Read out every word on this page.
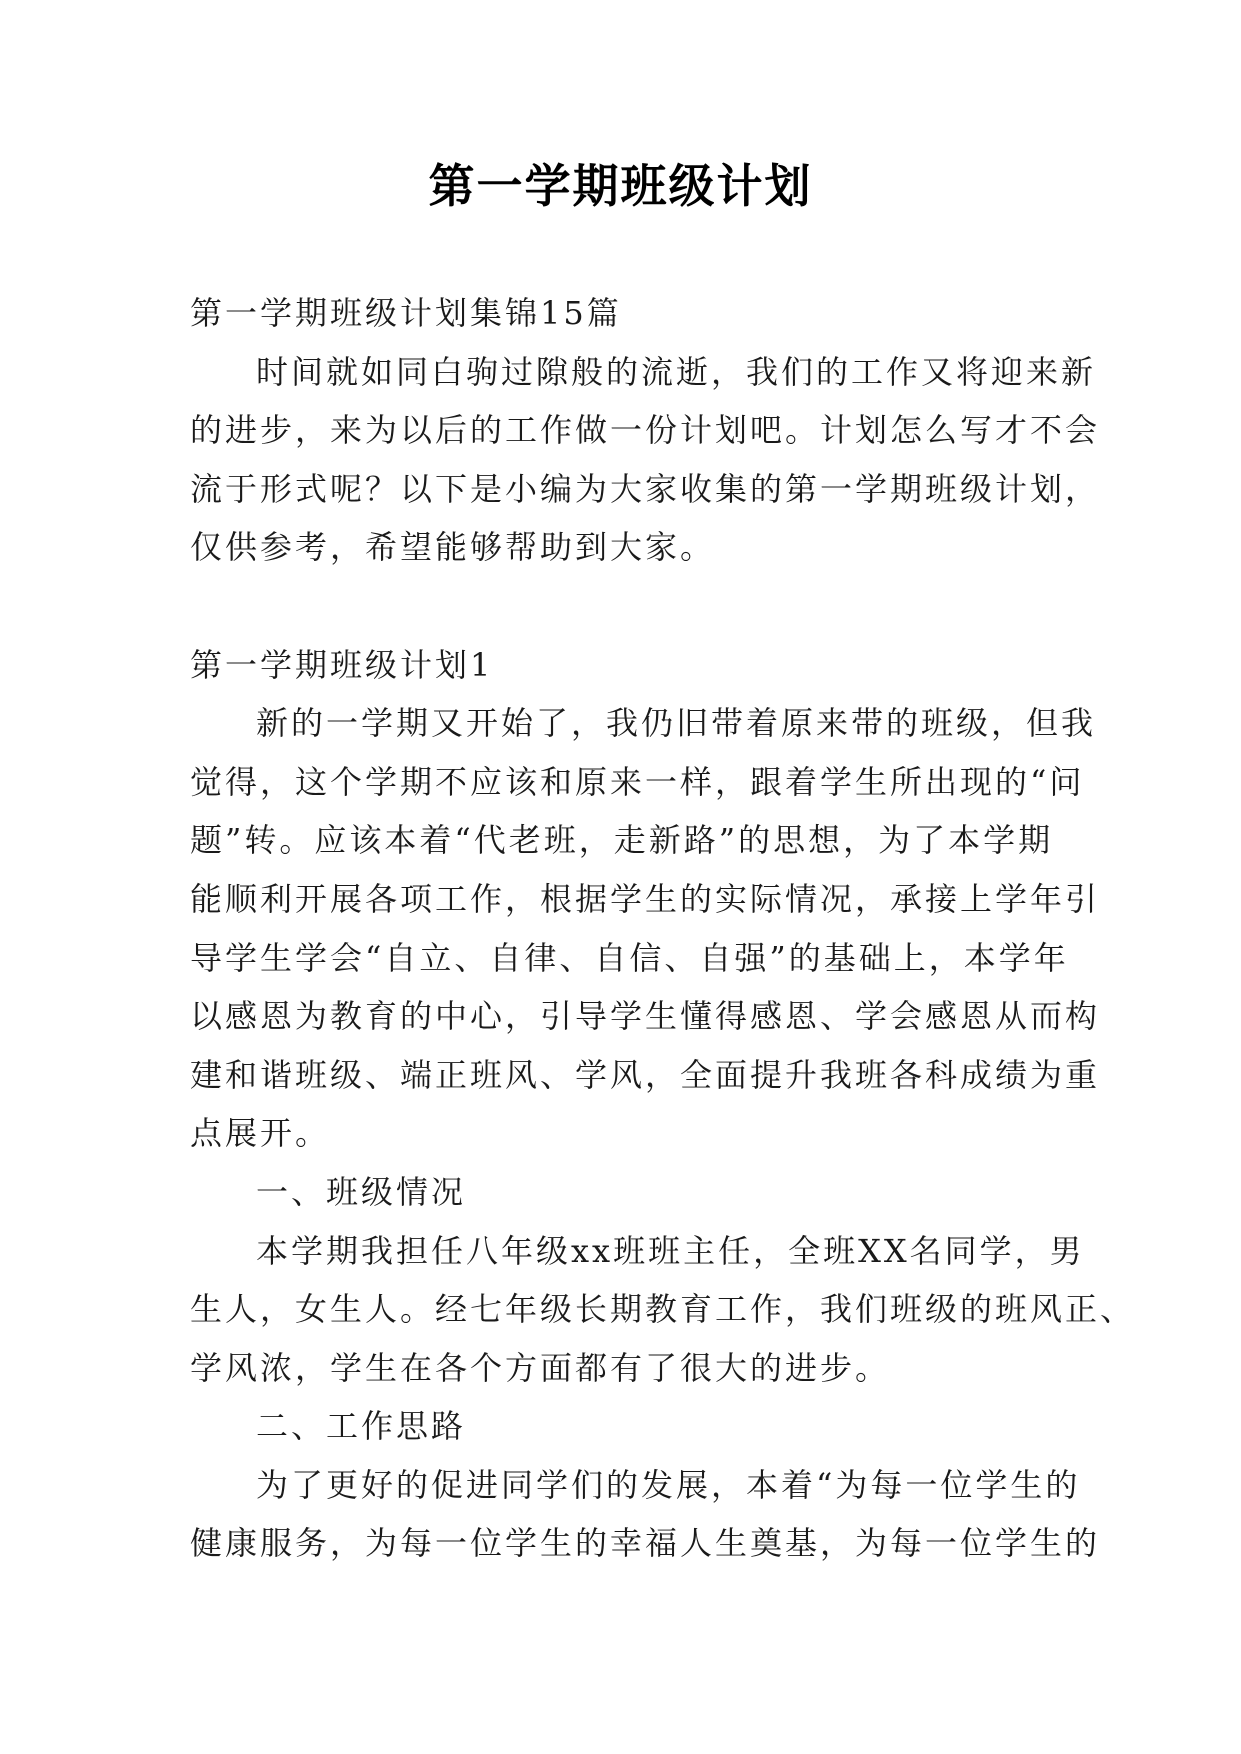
第一学期班级计划

第一学期班级计划集锦15篇

时间就如同白驹过隙般的流逝，我们的工作又将迎来新
的进步，来为以后的工作做一份计划吧。计划怎么写才不会
流于形式呢？以下是小编为大家收集的第一学期班级计划，
仅供参考，希望能够帮助到大家。

第一学期班级计划1

新的一学期又开始了，我仍旧带着原来带的班级，但我
觉得，这个学期不应该和原来一样，跟着学生所出现的“问
题”转。应该本着“代老班，走新路”的思想，为了本学期
能顺利开展各项工作，根据学生的实际情况，承接上学年引
导学生学会“自立、自律、自信、自强”的基础上，本学年
以感恩为教育的中心，引导学生懂得感恩、学会感恩从而构
建和谐班级、端正班风、学风，全面提升我班各科成绩为重
点展开。

一、班级情况

本学期我担任八年级xx班班主任，全班XX名同学，男
生人，女生人。经七年级长期教育工作，我们班级的班风正、
学风浓，学生在各个方面都有了很大的进步。

二、工作思路

为了更好的促进同学们的发展，本着“为每一位学生的
健康服务，为每一位学生的幸福人生奠基，为每一位学生的
